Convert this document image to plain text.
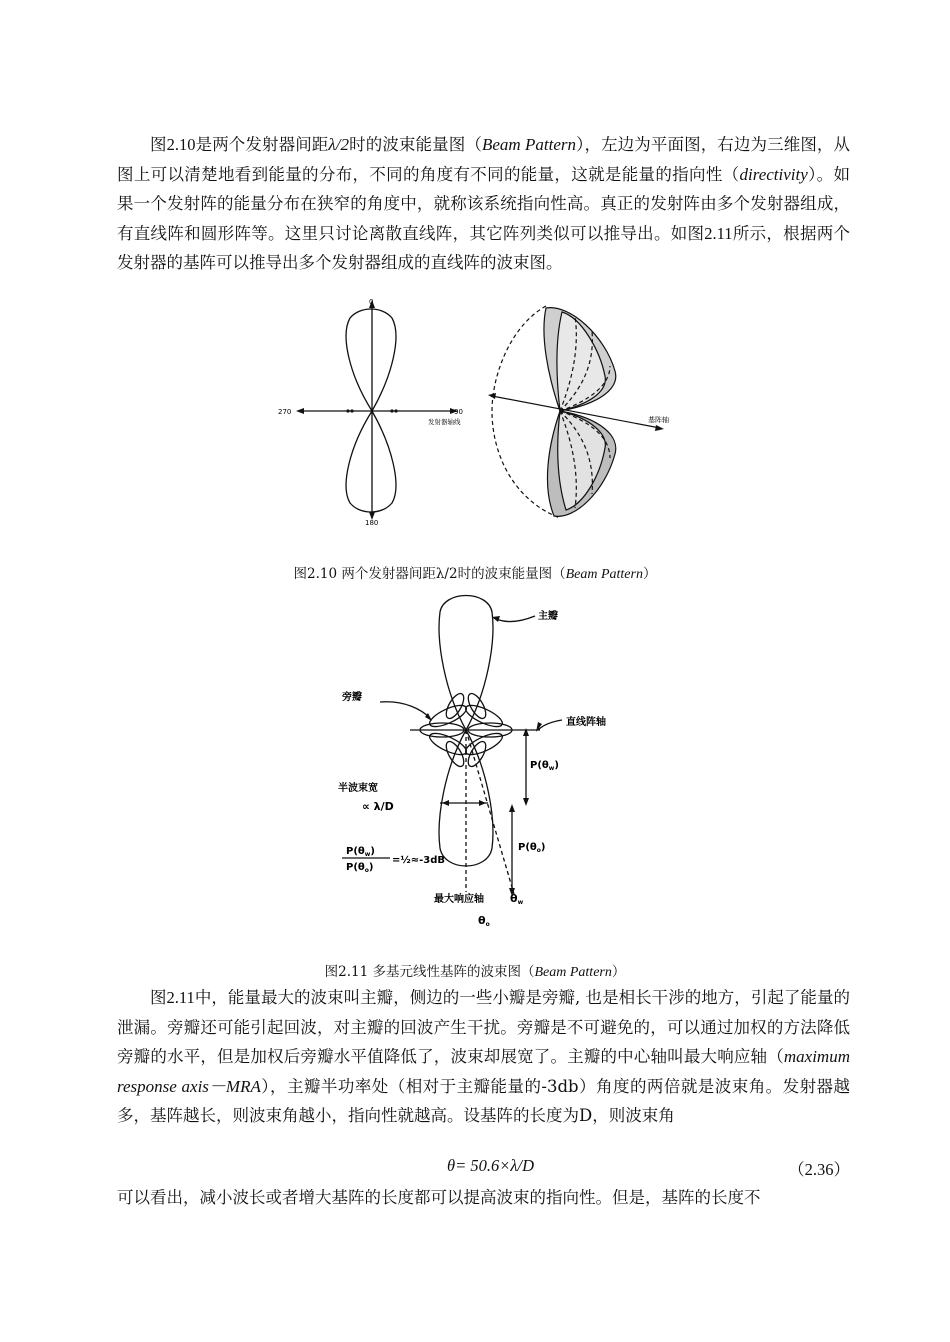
图2.10是两个发射器间距λ/2时的波束能量图（Beam Pattern），左边为平面图，右边为三维图，从图上可以清楚地看到能量的分布，不同的角度有不同的能量，这就是能量的指向性（directivity）。如果一个发射阵的能量分布在狭窄的角度中，就称该系统指向性高。真正的发射阵由多个发射器组成，有直线阵和圆形阵等。这里只讨论离散直线阵，其它阵列类似可以推导出。如图2.11所示，根据两个发射器的基阵可以推导出多个发射器组成的直线阵的波束图。

0
180
270	90
发射器轴线	基阵轴

图2.10 两个发射器间距λ/2时的波束能量图（Beam Pattern）

主瓣
旁瓣
直线阵轴
半波束宽
∝ λ/D
$P(\theta_w)$
$P(\theta_o)$
$P(\theta_w)$
$P(\theta_o)$
=½≈-3dB
最大响应轴 θw
θo

图2.11 多基元线性基阵的波束图（Beam Pattern）

图2.11中，能量最大的波束叫主瓣，侧边的一些小瓣是旁瓣, 也是相长干涉的地方，引起了能量的泄漏。旁瓣还可能引起回波，对主瓣的回波产生干扰。旁瓣是不可避免的，可以通过加权的方法降低旁瓣的水平，但是加权后旁瓣水平值降低了，波束却展宽了。主瓣的中心轴叫最大响应轴（maximum response axis－MRA），主瓣半功率处（相对于主瓣能量的-3db）角度的两倍就是波束角。发射器越多，基阵越长，则波束角越小，指向性就越高。设基阵的长度为D，则波束角

θ= 50.6×λ/D	（2.36）

可以看出，减小波长或者增大基阵的长度都可以提高波束的指向性。但是，基阵的长度不
